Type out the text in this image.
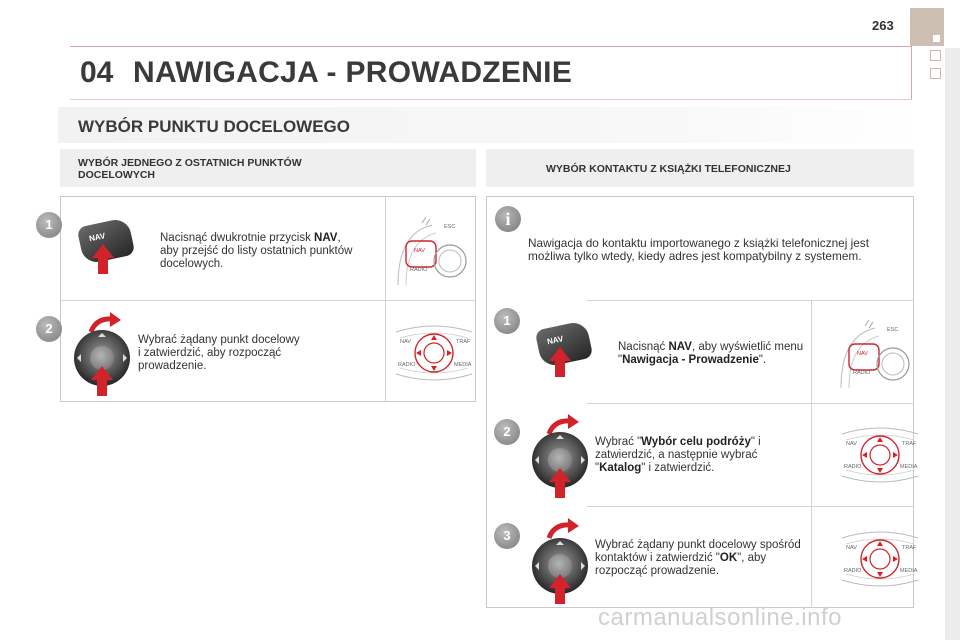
263
04 NAWIGACJA - PROWADZENIE
WYBÓR PUNKTU DOCELOWEGO
WYBÓR JEDNEGO Z OSTATNICH PUNKTÓW
DOCELOWYCH	WYBÓR KONTAKTU Z KSIĄŻKI TELEFONICZNEJ
1
NAV	Nacisnąć dwukrotnie przycisk NAV,
aby przejść do listy ostatnich punktów
docelowych.
ESC
NAV
RADIO
2
Wybrać żądany punkt docelowy
i zatwierdzić, aby rozpocząć
prowadzenie.
NAV	TRAF
RADIO	MEDIA
i
Nawigacja do kontaktu importowanego z książki telefonicznej jest
możliwa tylko wtedy, kiedy adres jest kompatybilny z systemem.
1
NAV
Nacisnąć NAV, aby wyświetlić menu
"Nawigacja - Prowadzenie".
ESC
NAV
RADIO
2
Wybrać "Wybór celu podróży" i
zatwierdzić, a następnie wybrać
"Katalog" i zatwierdzić.
NAV	TRAF
RADIO	MEDIA
3
Wybrać żądany punkt docelowy spośród
kontaktów i zatwierdzić "OK", aby
rozpocząć prowadzenie.
NAV	TRAF
RADIO	MEDIA
carmanualsonline.info
